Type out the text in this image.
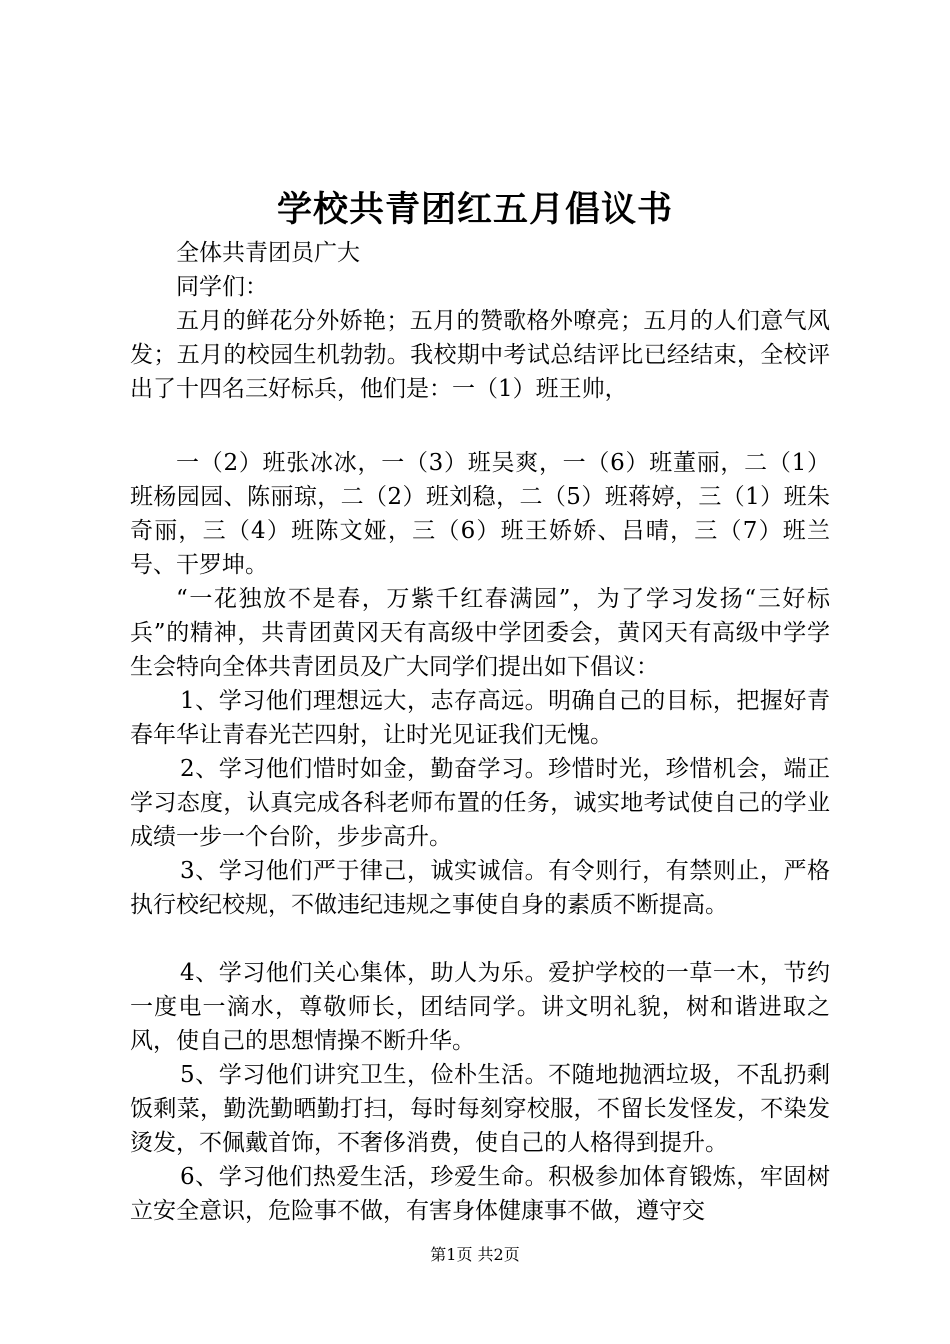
学校共青团红五月倡议书

全体共青团员广大

同学们：

五月的鲜花分外娇艳；五月的赞歌格外嘹亮；五月的人们意气风发；五月的校园生机勃勃。我校期中考试总结评比已经结束，全校评出了十四名三好标兵，他们是：一（1）班王帅，

一（2）班张冰冰，一（3）班吴爽，一（6）班董丽，二（1）班杨园园、陈丽琼，二（2）班刘稳，二（5）班蒋婷，三（1）班朱奇丽，三（4）班陈文娅，三（6）班王娇娇、吕晴，三（7）班兰号、干罗坤。

“一花独放不是春，万紫千红春满园”，为了学习发扬“三好标兵”的精神，共青团黄冈天有高级中学团委会，黄冈天有高级中学学生会特向全体共青团员及广大同学们提出如下倡议：

1、学习他们理想远大，志存高远。明确自己的目标，把握好青春年华让青春光芒四射，让时光见证我们无愧。

2、学习他们惜时如金，勤奋学习。珍惜时光，珍惜机会，端正学习态度，认真完成各科老师布置的任务，诚实地考试使自己的学业成绩一步一个台阶，步步高升。

3、学习他们严于律己，诚实诚信。有令则行，有禁则止，严格执行校纪校规，不做违纪违规之事使自身的素质不断提高。

4、学习他们关心集体，助人为乐。爱护学校的一草一木，节约一度电一滴水，尊敬师长，团结同学。讲文明礼貌，树和谐进取之风，使自己的思想情操不断升华。

5、学习他们讲究卫生，俭朴生活。不随地抛洒垃圾，不乱扔剩饭剩菜，勤洗勤晒勤打扫，每时每刻穿校服，不留长发怪发，不染发烫发，不佩戴首饰，不奢侈消费，使自己的人格得到提升。

6、学习他们热爱生活，珍爱生命。积极参加体育锻炼，牢固树立安全意识，危险事不做，有害身体健康事不做，遵守交

第1页 共2页
